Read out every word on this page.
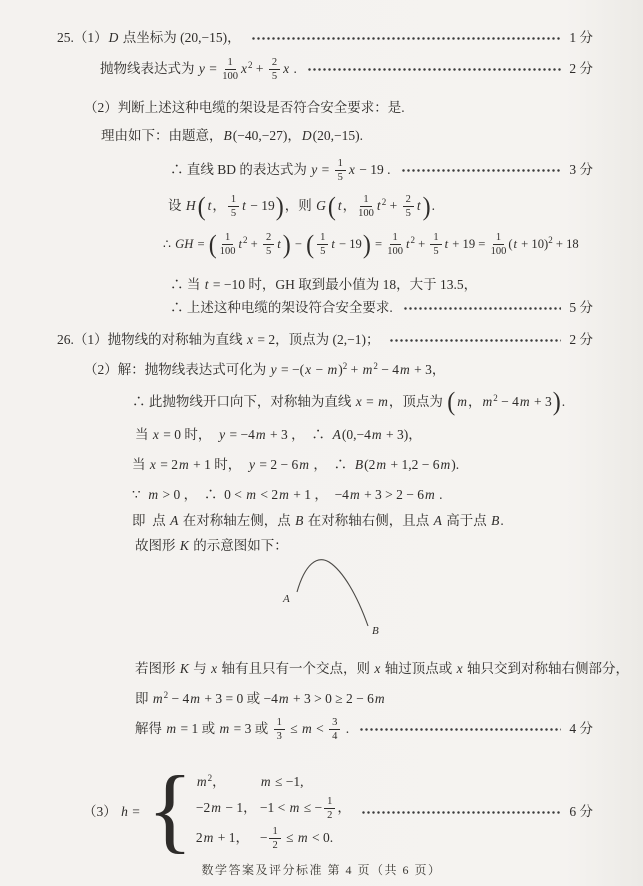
25.（1） D 点坐标为 (20,−15)，	1 分
抛物线表达式为 $y = \frac{1}{100} x^2 + \frac{2}{5}$ x .	2 分
（2）判断上述这种电缆的架设是否符合安全要求：是.
理由如下：由题意， B (−40,−27)， D (20,−15).
∴ 直线 BD 的表达式为 $y = \frac{1}{5}$ x − 19 .	3 分
设 H ( t ， $\frac{1}{5}$ t − 19 ) ，则 G ( t ， $\frac{1}{100} t^2 + \frac{2}{5}$ t ) .
∴ GH = ( $\frac{1}{100} t^2 + \frac{2}{5}$ t ) − ( $\frac{1}{5}$ t − 19 ) = $\frac{1}{100} t^2 + \frac{1}{5}$ $t + 19 = \frac{1}{100} (t + 10)^2 + 18$
∴ 当 t = −10 时，GH 取到最小值为 18，大于 13.5，
∴ 上述这种电缆的架设符合安全要求.	5 分
26.（1）抛物线的对称轴为直线 x = 2，顶点为 (2,−1)；	2 分
（2）解：抛物线表达式可化为 $y = -(x - m)^2 + m^2 - 4$ m + 3，
∴ 此抛物线开口向下，对称轴为直线 x = m ，顶点为 ( m ， $m^2 - 4$ m + 3 ) .
当 x = 0 时， y = −4 m + 3 ，  ∴ A (0,−4 m + 3)，
当 x = 2 m + 1 时， y = 2 − 6 m ，  ∴ B (2 m + 1,2 − 6 m ).
∵ m > 0 ，  ∴  0 < m < 2 m + 1 ，  −4 m + 3 > 2 − 6 m .
即  点 A 在对称轴左侧，点 B 在对称轴右侧，且点 A 高于点 B .
故图形 K 的示意图如下：
若图形 K 与 x 轴有且只有一个交点，则 x 轴过顶点或 x 轴只交到对称轴右侧部分，
即 $m^2 - 4$ m + 3 = 0 或 −4 m + 3 > 0 ≥ 2 − 6 m
解得 m = 1 或 m = 3 或 $\frac{1}{3} \le m < \frac{3}{4}$ .	4 分
（3） h = { $m^2$ ，	m ≤ −1,
−2 m − 1， −1 < m ≤ − $\frac{1}{2}$ ，
2 m + 1， − $\frac{1}{2} \le m < 0$.
6 分
A
B
数学答案及评分标准 第 4 页（共 6 页）
